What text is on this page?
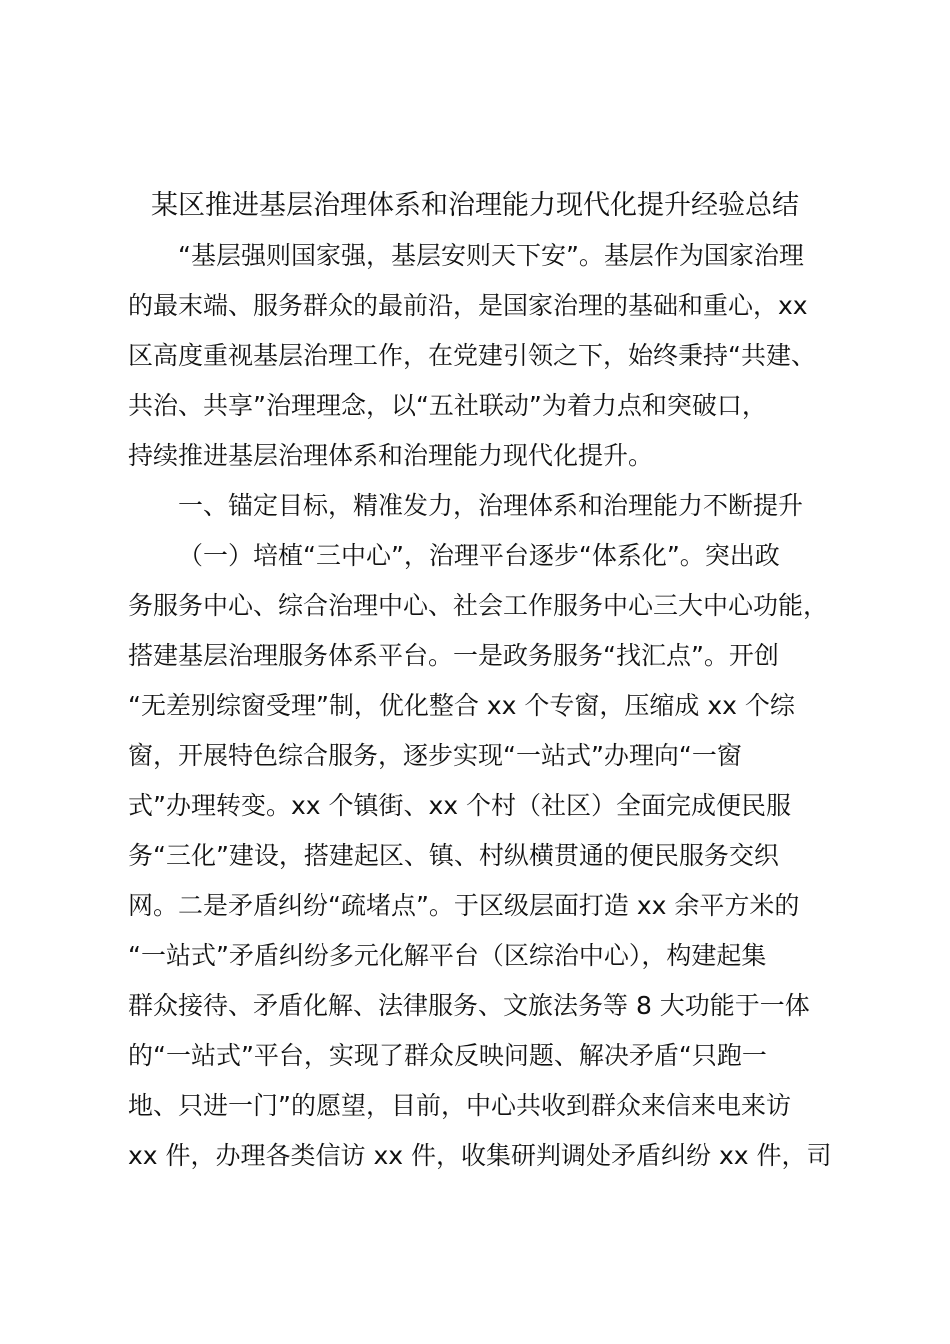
某区推进基层治理体系和治理能力现代化提升经验总结
“基层强则国家强，基层安则天下安”。基层作为国家治理
的最末端、服务群众的最前沿，是国家治理的基础和重心，xx
区高度重视基层治理工作，在党建引领之下，始终秉持“共建、
共治、共享”治理理念，以“五社联动”为着力点和突破口，
持续推进基层治理体系和治理能力现代化提升。
一、锚定目标，精准发力，治理体系和治理能力不断提升
（一）培植“三中心”，治理平台逐步“体系化”。突出政
务服务中心、综合治理中心、社会工作服务中心三大中心功能，
搭建基层治理服务体系平台。一是政务服务“找汇点”。开创
“无差别综窗受理”制，优化整合 xx 个专窗，压缩成 xx 个综
窗，开展特色综合服务，逐步实现“一站式”办理向“一窗
式”办理转变。xx 个镇街、xx 个村（社区）全面完成便民服
务“三化”建设，搭建起区、镇、村纵横贯通的便民服务交织
网。二是矛盾纠纷“疏堵点”。于区级层面打造 xx 余平方米的
“一站式”矛盾纠纷多元化解平台（区综治中心），构建起集
群众接待、矛盾化解、法律服务、文旅法务等 8 大功能于一体
的“一站式”平台，实现了群众反映问题、解决矛盾“只跑一
地、只进一门”的愿望，目前，中心共收到群众来信来电来访
xx 件，办理各类信访 xx 件，收集研判调处矛盾纠纷 xx 件，司
